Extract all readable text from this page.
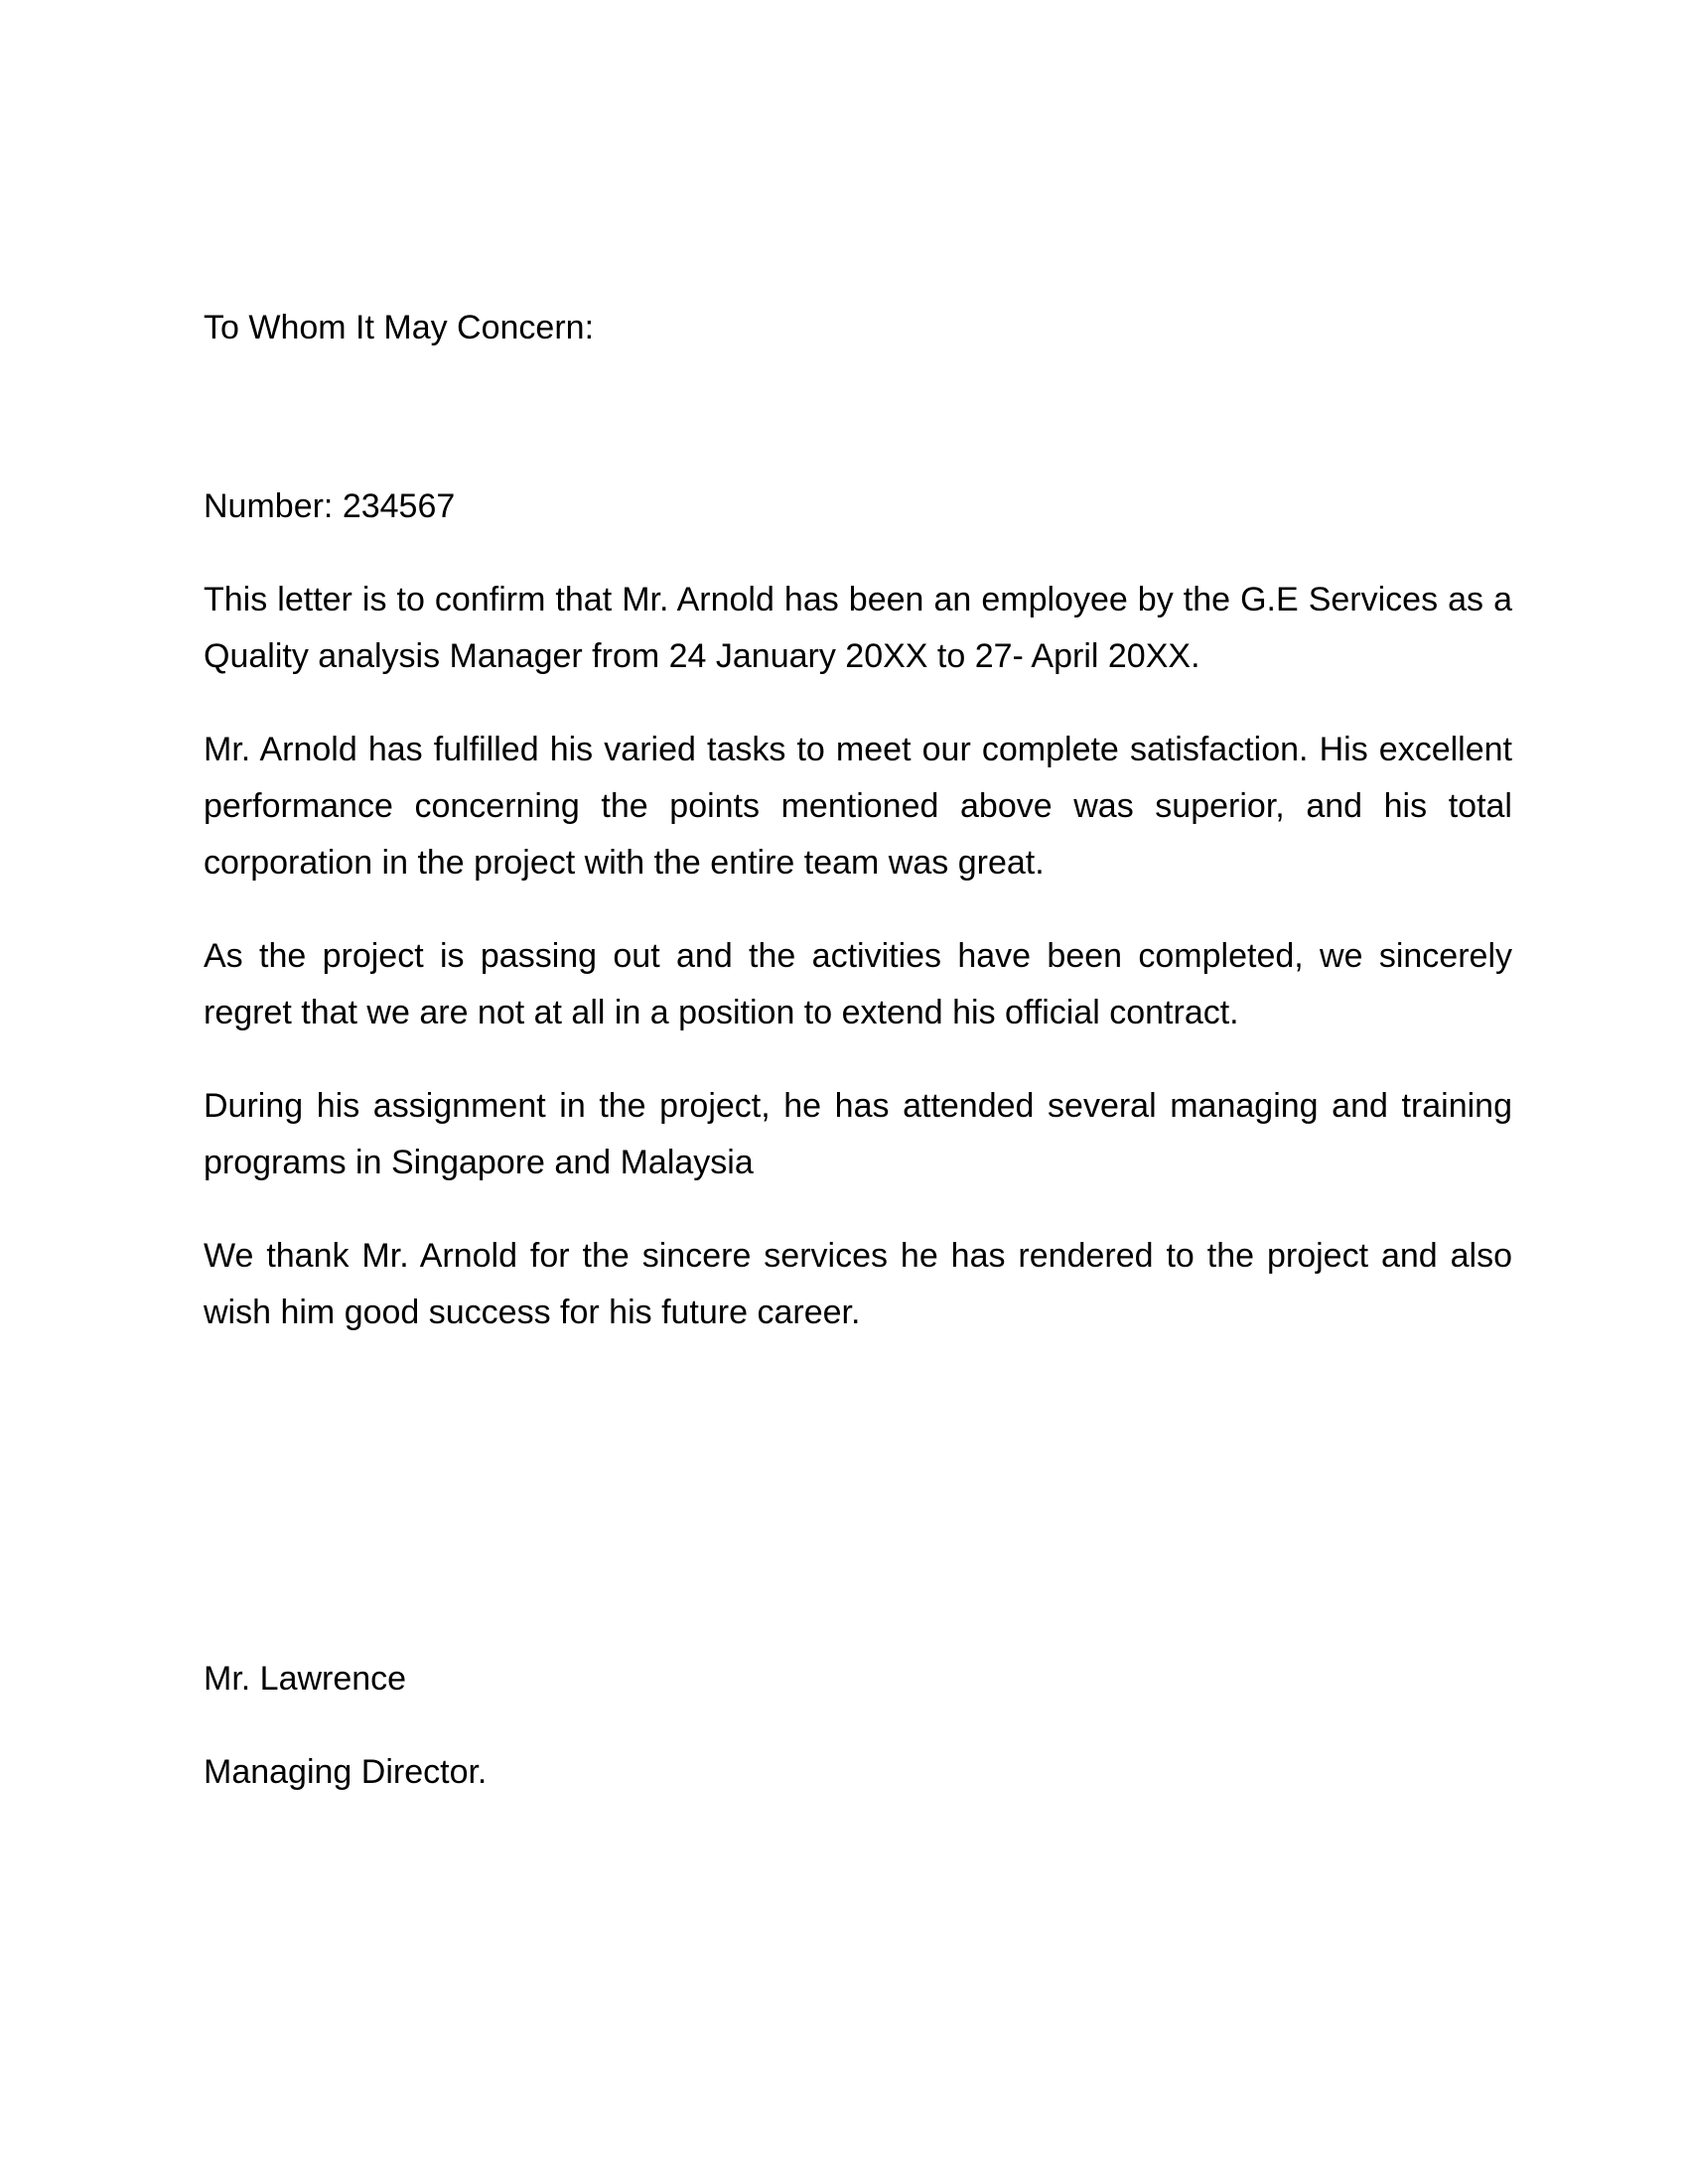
To Whom It May Concern:

Number: 234567

This letter is to confirm that Mr. Arnold has been an employee by the G.E Services as a Quality analysis Manager from 24 January 20XX to 27- April 20XX.

Mr. Arnold has fulfilled his varied tasks to meet our complete satisfaction. His excellent performance concerning the points mentioned above was superior, and his total corporation in the project with the entire team was great.

As the project is passing out and the activities have been completed, we sincerely regret that we are not at all in a position to extend his official contract.

During his assignment in the project, he has attended several managing and training programs in Singapore and Malaysia

We thank Mr. Arnold for the sincere services he has rendered to the project and also wish him good success for his future career.

Mr. Lawrence

Managing Director.
